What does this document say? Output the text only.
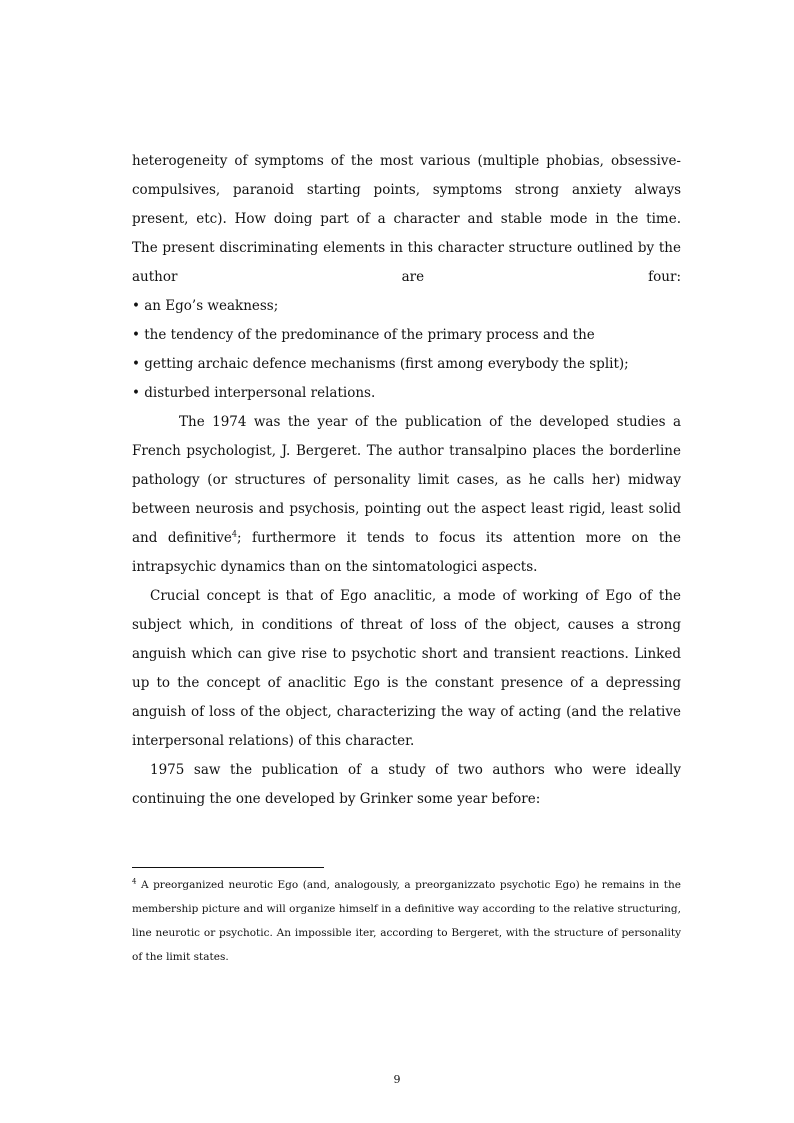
heterogeneity of symptoms of the most various (multiple phobias, obsessive-compulsives, paranoid starting points, symptoms strong anxiety always present, etc). How doing part of a character and stable mode in the time.

The present discriminating elements in this character structure outlined by the author are four:

• an Ego’s weakness;

• the tendency of the predominance of the primary process and the

• getting archaic defence mechanisms (first among everybody the split);

• disturbed interpersonal relations.

The 1974 was the year of the publication of the developed studies a French psychologist, J. Bergeret. The author transalpino places the borderline pathology (or structures of personality limit cases, as he calls her) midway between neurosis and psychosis, pointing out the aspect least rigid, least solid and definitive$^4$; furthermore it tends to focus its attention more on the intrapsychic dynamics than on the sintomatologici aspects.

Crucial concept is that of Ego anaclitic, a mode of working of Ego of the subject which, in conditions of threat of loss of the object, causes a strong anguish which can give rise to psychotic short and transient reactions. Linked up to the concept of anaclitic Ego is the constant presence of a depressing anguish of loss of the object, characterizing the way of acting (and the relative interpersonal relations) of this character.

1975 saw the publication of a study of two authors who were ideally continuing the one developed by Grinker some year before:

$^4$ A preorganized neurotic Ego (and, analogously, a preorganizzato psychotic Ego) he remains in the membership picture and will organize himself in a definitive way according to the relative structuring, line neurotic or psychotic. An impossible iter, according to Bergeret, with the structure of personality of the limit states.
9
